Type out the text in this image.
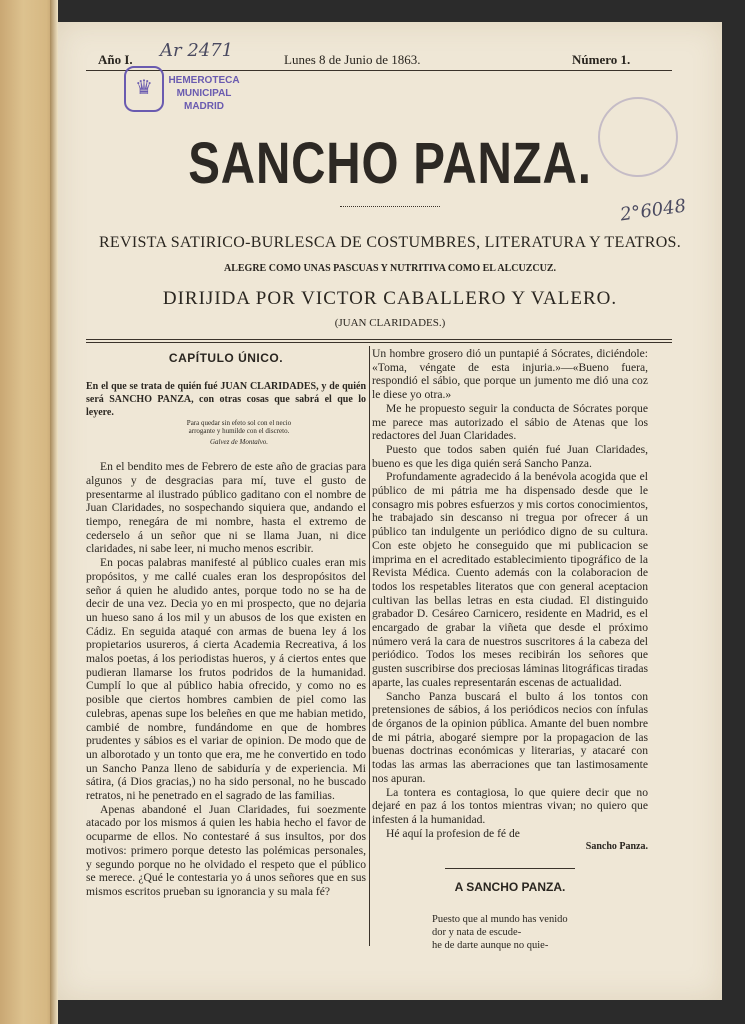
Año I.	Lunes 8 de Junio de 1863.	Número 1.
♛	HEMEROTECA MUNICIPAL MADRID
Ar 2471
2°6048
SANCHO PANZA.
REVISTA SATIRICO-BURLESCA DE COSTUMBRES, LITERATURA Y TEATROS.
ALEGRE COMO UNAS PASCUAS Y NUTRITIVA COMO EL ALCUZCUZ.
DIRIJIDA POR VICTOR CABALLERO Y VALERO.
(JUAN CLARIDADES.)
CAPÍTULO ÚNICO.

En el que se trata de quién fué JUAN CLARIDADES, y de quién será SANCHO PANZA, con otras cosas que sabrá el que lo leyere.

Para quedar sin efeto sol con el necio arrogante y humilde con el discreto.
Galvez de Montalvo.

En el bendito mes de Febrero de este año de gracias para algunos y de desgracias para mí, tuve el gusto de presentarme al ilustrado público gaditano con el nombre de Juan Claridades, no sospechando siquiera que, andando el tiempo, renegára de mi nombre, hasta el extremo de cederselo á un señor que ni se llama Juan, ni dice claridades, ni sabe leer, ni mucho menos escribir.

En pocas palabras manifesté al público cuales eran mis propósitos, y me callé cuales eran los despropósitos del señor á quien he aludido antes, porque todo no se ha de decir de una vez. Decia yo en mi prospecto, que no dejaria un hueso sano á los mil y un abusos de los que existen en Cádiz. En seguida ataqué con armas de buena ley á los propietarios usureros, á cierta Academia Recreativa, á los malos poetas, á los periodistas hueros, y á ciertos entes que pudieran llamarse los frutos podridos de la humanidad. Cumplí lo que al público habia ofrecido, y como no es posible que ciertos hombres cambien de piel como las culebras, apenas supe los beleñes en que me habian metido, cambié de nombre, fundándome en que de hombres prudentes y sábios es el variar de opinion. De modo que de un alborotado y un tonto que era, me he convertido en todo un Sancho Panza lleno de sabiduría y de experiencia. Mi sátira, (á Dios gracias,) no ha sido personal, no he buscado retratos, ni he penetrado en el sagrado de las familias.

Apenas abandoné el Juan Claridades, fui soezmente atacado por los mismos á quien les habia hecho el favor de ocuparme de ellos. No contestaré á sus insultos, por dos motivos: primero porque detesto las polémicas personales, y segundo porque no he olvidado el respeto que el público se merece. ¿Qué le contestaria yo á unos señores que en sus mismos escritos prueban su ignorancia y su mala fé?

Un hombre grosero dió un puntapié á Sócrates, diciéndole: «Toma, véngate de esta injuria.»—«Bueno fuera, respondió el sábio, que porque un jumento me dió una coz le diese yo otra.»

Me he propuesto seguir la conducta de Sócrates porque me parece mas autorizado el sábio de Atenas que los redactores del Juan Claridades.

Puesto que todos saben quién fué Juan Claridades, bueno es que les diga quién será Sancho Panza.

Profundamente agradecido á la benévola acogida que el público de mi pátria me ha dispensado desde que le consagro mis pobres esfuerzos y mis cortos conocimientos, he trabajado sin descanso ni tregua por ofrecer á un público tan indulgente un periódico digno de su cultura. Con este objeto he conseguido que mi publicacion se imprima en el acreditado establecimiento tipográfico de la Revista Médica. Cuento además con la colaboracion de todos los respetables literatos que con general aceptacion cultivan las bellas letras en esta ciudad. El distinguido grabador D. Cesáreo Carnicero, residente en Madrid, es el encargado de grabar la viñeta que desde el próximo número verá la cara de nuestros suscritores á la cabeza del periódico. Todos los meses recibirán los señores que gusten suscribirse dos preciosas láminas litográficas tiradas aparte, las cuales representarán escenas de actualidad.

Sancho Panza buscará el bulto á los tontos con pretensiones de sábios, á los periódicos necios con ínfulas de órganos de la opinion pública. Amante del buen nombre de mi pátria, abogaré siempre por la propagacion de las buenas doctrinas económicas y literarias, y atacaré con todas las armas las aberraciones que tan lastimosamente nos apuran.

La tontera es contagiosa, lo que quiere decir que no dejaré en paz á los tontos mientras vivan; no quiero que infesten á la humanidad.

Hé aquí la profesion de fé de

Sancho Panza.

A SANCHO PANZA.

Puesto que al mundo has venido

dor y nata de escude-

he de darte aunque no quie-
